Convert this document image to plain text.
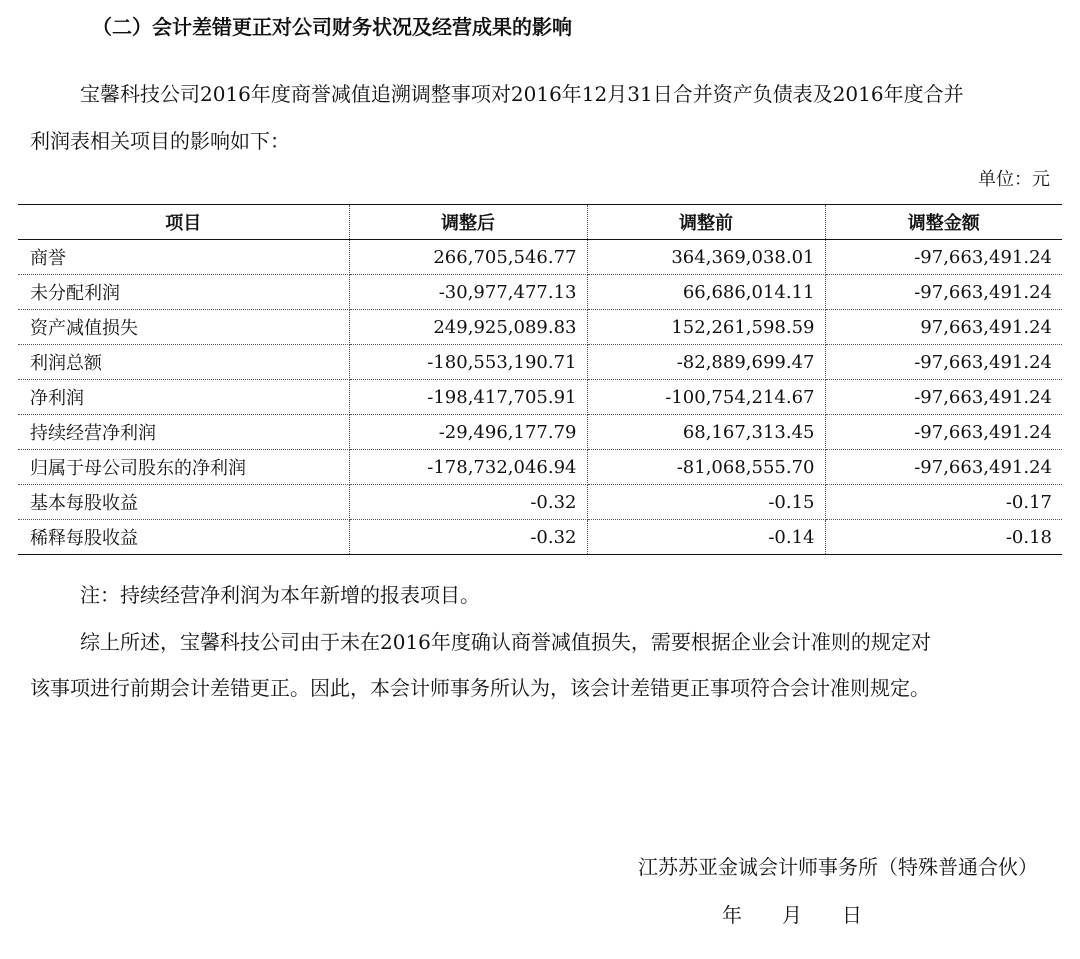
（二）会计差错更正对公司财务状况及经营成果的影响
宝馨科技公司2016年度商誉减值追溯调整事项对2016年12月31日合并资产负债表及2016年度合并
利润表相关项目的影响如下：
单位：元
项目	调整后	调整前	调整金额
商誉	266,705,546.77	364,369,038.01	-97,663,491.24
未分配利润	-30,977,477.13	66,686,014.11	-97,663,491.24
资产减值损失	249,925,089.83	152,261,598.59	97,663,491.24
利润总额	-180,553,190.71	-82,889,699.47	-97,663,491.24
净利润	-198,417,705.91	-100,754,214.67	-97,663,491.24
持续经营净利润	-29,496,177.79	68,167,313.45	-97,663,491.24
归属于母公司股东的净利润	-178,732,046.94	-81,068,555.70	-97,663,491.24
基本每股收益	-0.32	-0.15	-0.17
稀释每股收益	-0.32	-0.14	-0.18
注：持续经营净利润为本年新增的报表项目。
综上所述，宝馨科技公司由于未在2016年度确认商誉减值损失，需要根据企业会计准则的规定对
该事项进行前期会计差错更正。因此，本会计师事务所认为，该会计差错更正事项符合会计准则规定。
江苏苏亚金诚会计师事务所（特殊普通合伙）
年 月 日
